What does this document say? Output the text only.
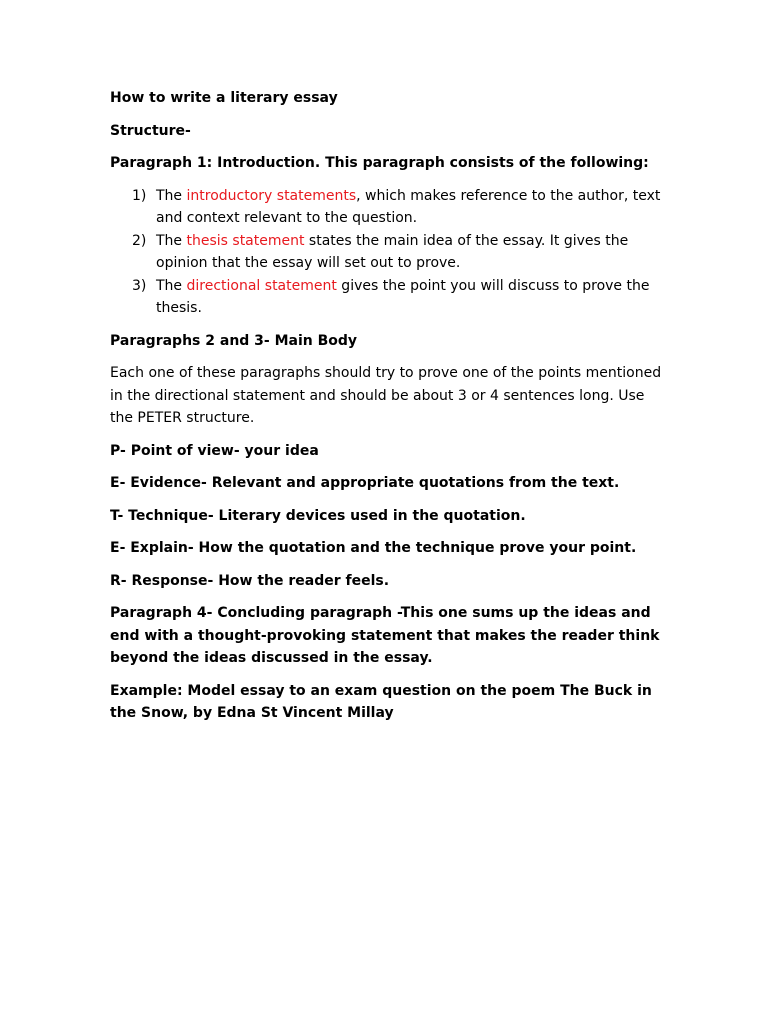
How to write a literary essay

Structure-

Paragraph 1: Introduction. This paragraph consists of the following:

1) The introductory statements, which makes reference to the author, text and context relevant to the question.
2) The thesis statement states the main idea of the essay. It gives the opinion that the essay will set out to prove.
3) The directional statement gives the point you will discuss to prove the thesis.

Paragraphs 2 and 3- Main Body

Each one of these paragraphs should try to prove one of the points mentioned in the directional statement and should be about 3 or 4 sentences long. Use the PETER structure.

P- Point of view- your idea

E- Evidence- Relevant and appropriate quotations from the text.

T- Technique- Literary devices used in the quotation.

E- Explain- How the quotation and the technique prove your point.

R- Response- How the reader feels.

Paragraph 4- Concluding paragraph -This one sums up the ideas and end with a thought-provoking statement that makes the reader think beyond the ideas discussed in the essay.

Example: Model essay to an exam question on the poem The Buck in the Snow, by Edna St Vincent Millay
